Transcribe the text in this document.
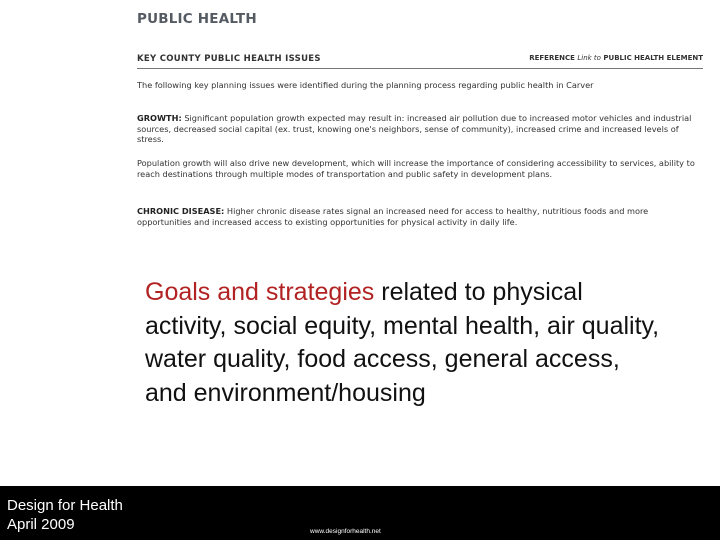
PUBLIC HEALTH
KEY COUNTY PUBLIC HEALTH ISSUES	REFERENCE Link to PUBLIC HEALTH ELEMENT
The following key planning issues were identified during the planning process regarding public health in Carver
GROWTH: Significant population growth expected may result in: increased air pollution due to increased motor vehicles and industrial sources, decreased social capital (ex. trust, knowing one's neighbors, sense of community), increased crime and increased levels of stress.
Population growth will also drive new development, which will increase the importance of considering accessibility to services, ability to reach destinations through multiple modes of transportation and public safety in development plans.
CHRONIC DISEASE: Higher chronic disease rates signal an increased need for access to healthy, nutritious foods and more opportunities and increased access to existing opportunities for physical activity in daily life.
Goals and strategies related to physical activity, social equity, mental health, air quality, water quality, food access, general access, and environment/housing
Design for Health
April 2009	www.designforhealth.net
